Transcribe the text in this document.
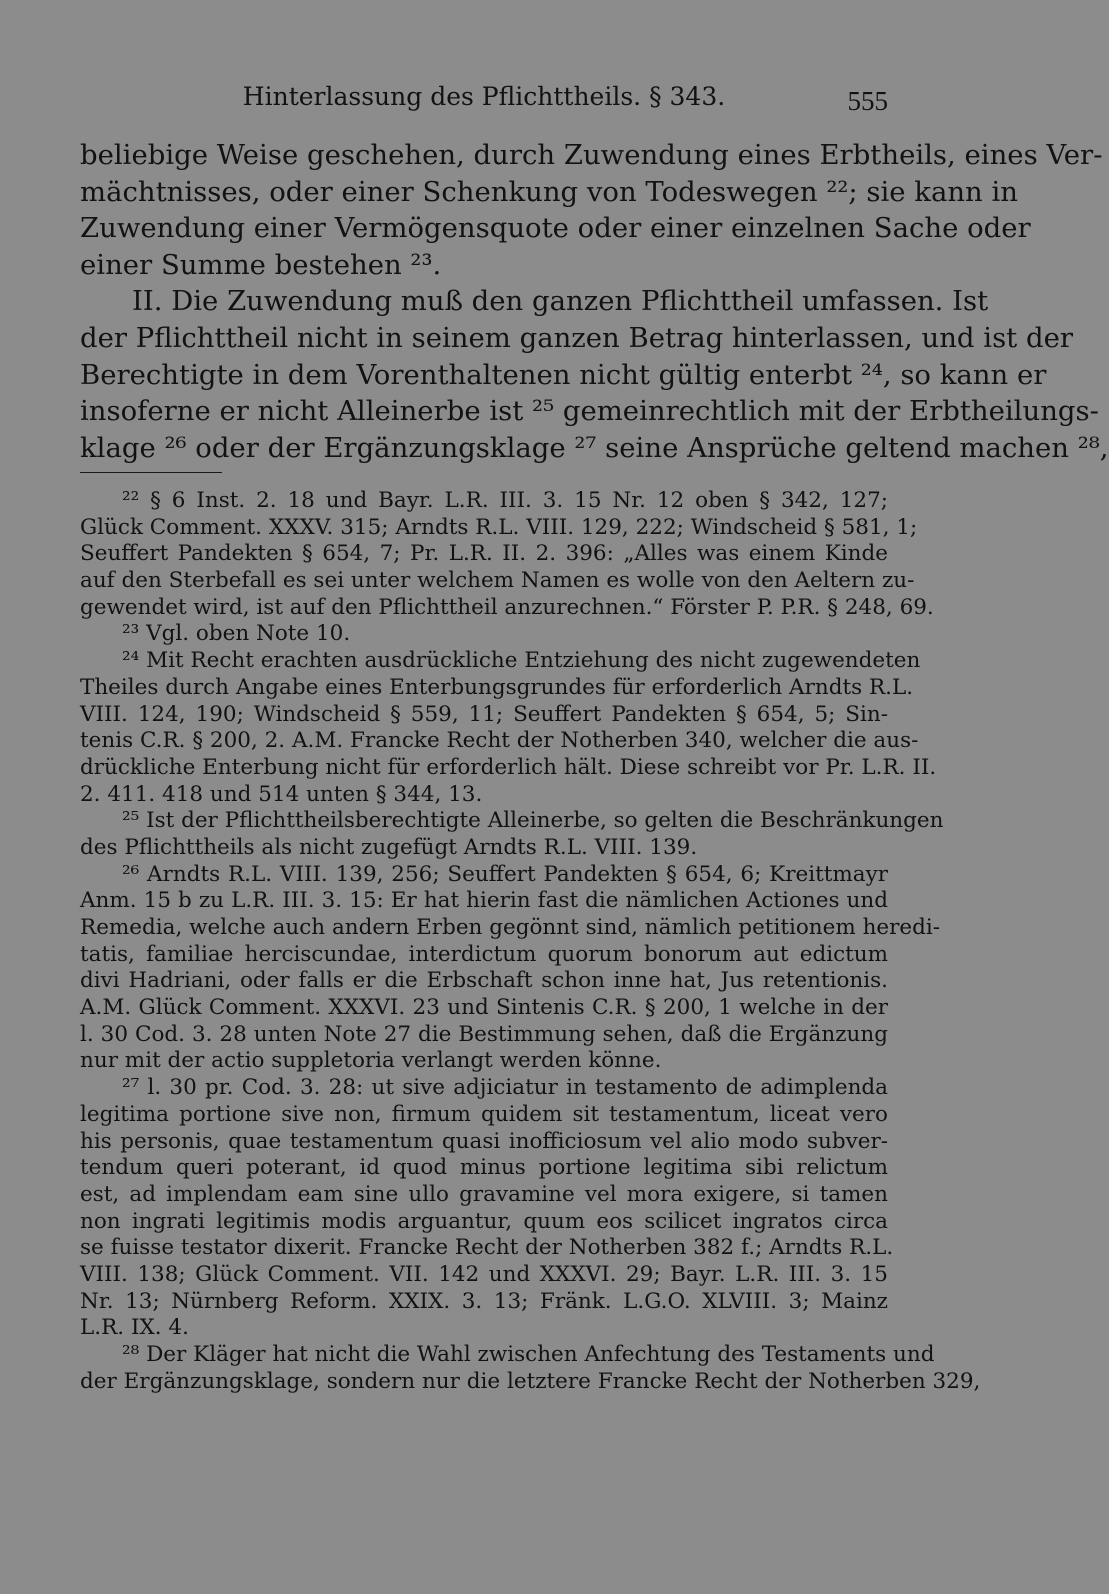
Hinterlassung des Pflichttheils. § 343.	555
beliebige Weise geschehen, durch Zuwendung eines Erbtheils, eines Ver-
mächtnisses, oder einer Schenkung von Todeswegen ²²; sie kann in
Zuwendung einer Vermögensquote oder einer einzelnen Sache oder
einer Summe bestehen ²³.
II. Die Zuwendung muß den ganzen Pflichttheil umfassen. Ist
der Pflichttheil nicht in seinem ganzen Betrag hinterlassen, und ist der
Berechtigte in dem Vorenthaltenen nicht gültig enterbt ²⁴, so kann er
insoferne er nicht Alleinerbe ist ²⁵ gemeinrechtlich mit der Erbtheilungs-
klage ²⁶ oder der Ergänzungsklage ²⁷ seine Ansprüche geltend machen ²⁸,
²² § 6 Inst. 2. 18 und Bayr. L.R. III. 3. 15 Nr. 12 oben § 342, 127;
Glück Comment. XXXV. 315; Arndts R.L. VIII. 129, 222; Windscheid § 581, 1;
Seuffert Pandekten § 654, 7; Pr. L.R. II. 2. 396: „Alles was einem Kinde
auf den Sterbefall es sei unter welchem Namen es wolle von den Aeltern zu-
gewendet wird, ist auf den Pflichttheil anzurechnen.“ Förster P. P.R. § 248, 69.
²³ Vgl. oben Note 10.
²⁴ Mit Recht erachten ausdrückliche Entziehung des nicht zugewendeten
Theiles durch Angabe eines Enterbungsgrundes für erforderlich Arndts R.L.
VIII. 124, 190; Windscheid § 559, 11; Seuffert Pandekten § 654, 5; Sin-
tenis C.R. § 200, 2. A.M. Francke Recht der Notherben 340, welcher die aus-
drückliche Enterbung nicht für erforderlich hält. Diese schreibt vor Pr. L.R. II.
2. 411. 418 und 514 unten § 344, 13.
²⁵ Ist der Pflichttheilsberechtigte Alleinerbe, so gelten die Beschränkungen
des Pflichttheils als nicht zugefügt Arndts R.L. VIII. 139.
²⁶ Arndts R.L. VIII. 139, 256; Seuffert Pandekten § 654, 6; Kreittmayr
Anm. 15 b zu L.R. III. 3. 15: Er hat hierin fast die nämlichen Actiones und
Remedia, welche auch andern Erben gegönnt sind, nämlich petitionem heredi-
tatis, familiae herciscundae, interdictum quorum bonorum aut edictum
divi Hadriani, oder falls er die Erbschaft schon inne hat, Jus retentionis.
A.M. Glück Comment. XXXVI. 23 und Sintenis C.R. § 200, 1 welche in der
l. 30 Cod. 3. 28 unten Note 27 die Bestimmung sehen, daß die Ergänzung
nur mit der actio suppletoria verlangt werden könne.
²⁷ l. 30 pr. Cod. 3. 28: ut sive adjiciatur in testamento de adimplenda
legitima portione sive non, firmum quidem sit testamentum, liceat vero
his personis, quae testamentum quasi inofficiosum vel alio modo subver-
tendum queri poterant, id quod minus portione legitima sibi relictum
est, ad implendam eam sine ullo gravamine vel mora exigere, si tamen
non ingrati legitimis modis arguantur, quum eos scilicet ingratos circa
se fuisse testator dixerit. Francke Recht der Notherben 382 f.; Arndts R.L.
VIII. 138; Glück Comment. VII. 142 und XXXVI. 29; Bayr. L.R. III. 3. 15
Nr. 13; Nürnberg Reform. XXIX. 3. 13; Fränk. L.G.O. XLVIII. 3; Mainz
L.R. IX. 4.
²⁸ Der Kläger hat nicht die Wahl zwischen Anfechtung des Testaments und
der Ergänzungsklage, sondern nur die letztere Francke Recht der Notherben 329,
